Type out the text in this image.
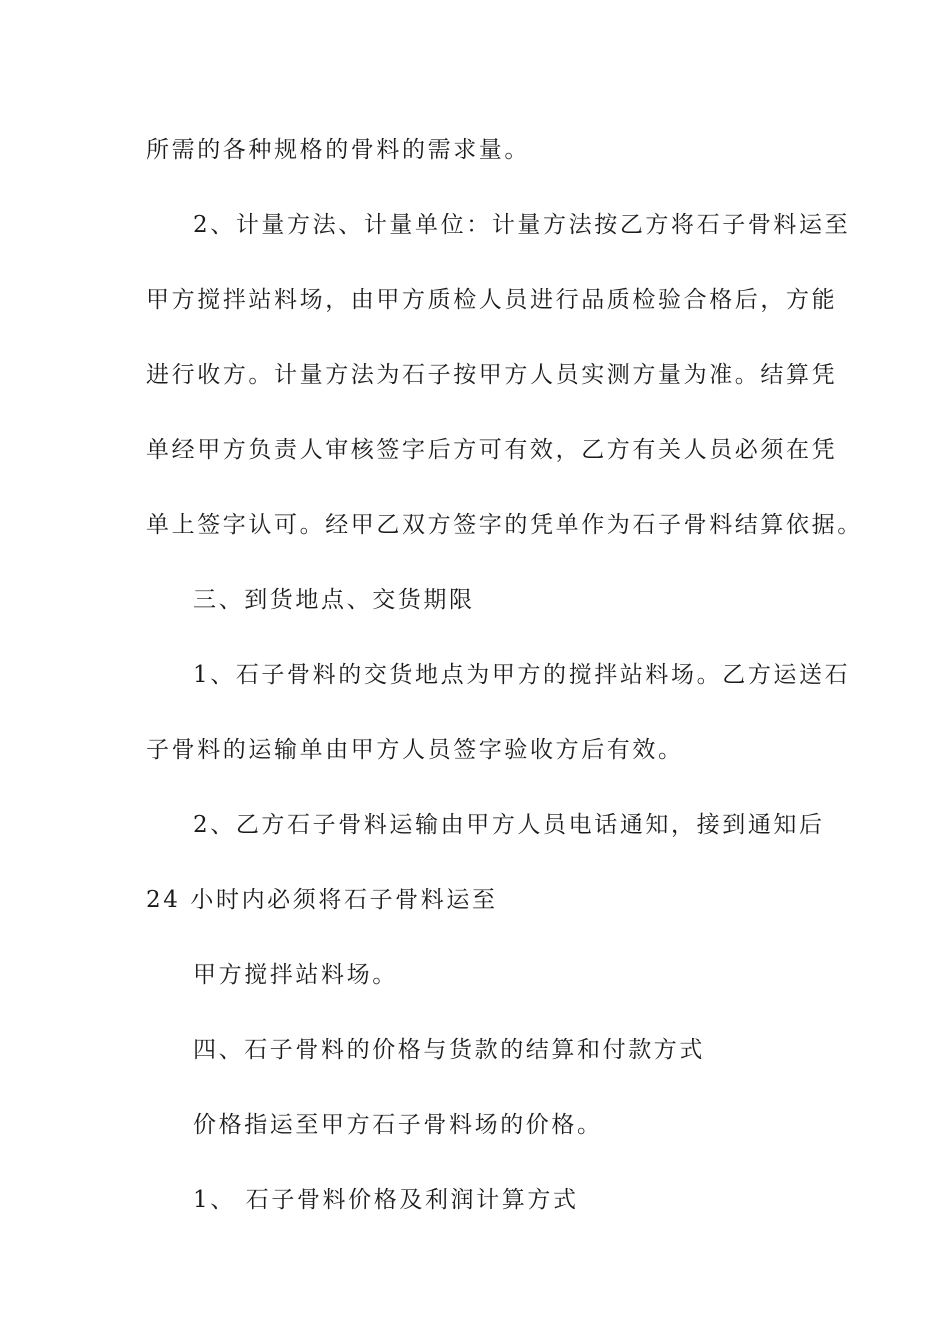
所需的各种规格的骨料的需求量。
2、计量方法、计量单位：计量方法按乙方将石子骨料运至
甲方搅拌站料场，由甲方质检人员进行品质检验合格后，方能
进行收方。计量方法为石子按甲方人员实测方量为准。结算凭
单经甲方负责人审核签字后方可有效，乙方有关人员必须在凭
单上签字认可。经甲乙双方签字的凭单作为石子骨料结算依据。
三、到货地点、交货期限
1、石子骨料的交货地点为甲方的搅拌站料场。乙方运送石
子骨料的运输单由甲方人员签字验收方后有效。
2、乙方石子骨料运输由甲方人员电话通知，接到通知后
24 小时内必须将石子骨料运至
甲方搅拌站料场。
四、石子骨料的价格与货款的结算和付款方式
价格指运至甲方石子骨料场的价格。
1、 石子骨料价格及利润计算方式
